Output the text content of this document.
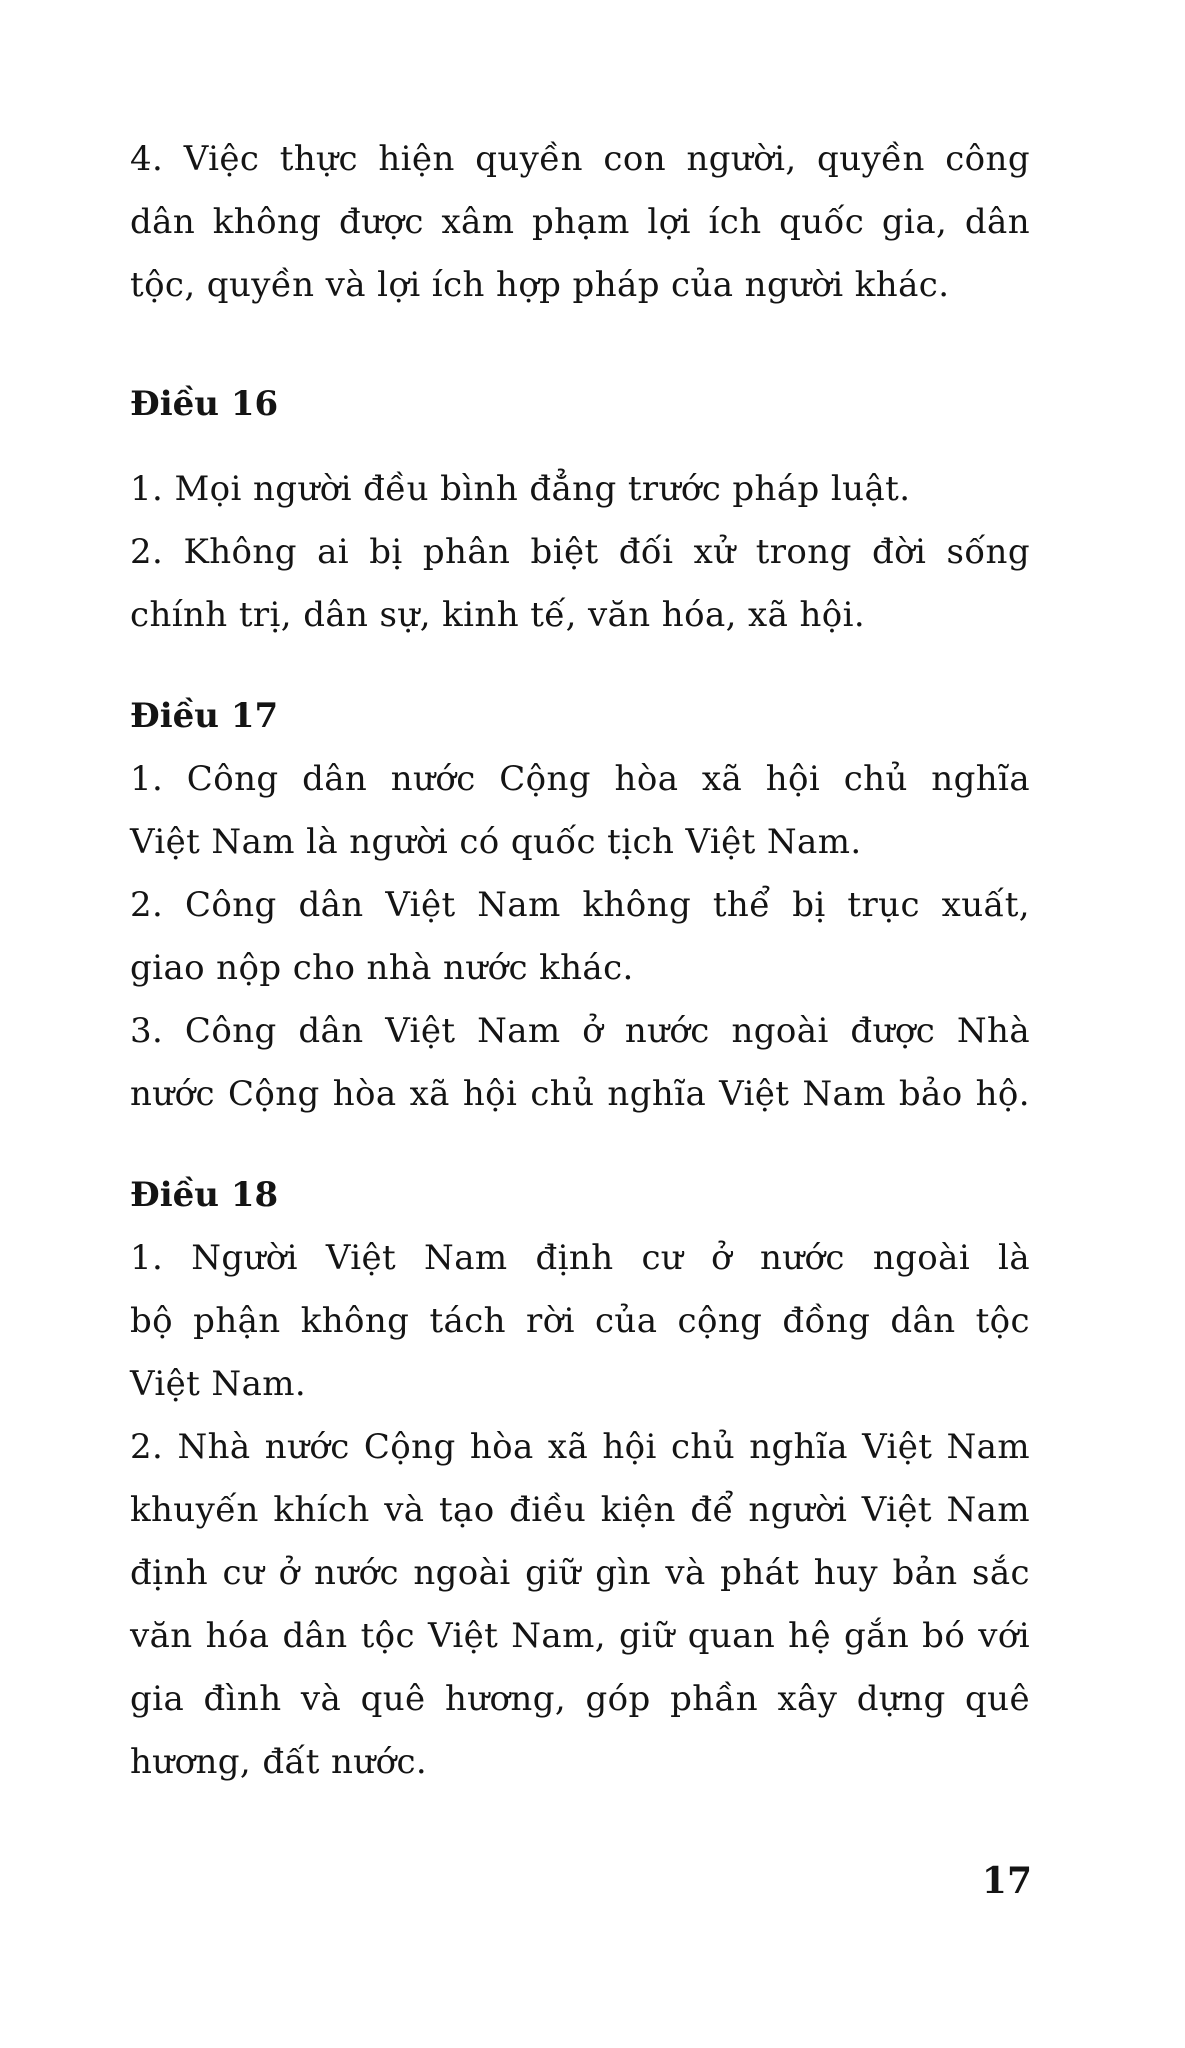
4. Việc thực hiện quyền con người, quyền công
dân không được xâm phạm lợi ích quốc gia, dân
tộc, quyền và lợi ích hợp pháp của người khác.
Điều 16
1. Mọi người đều bình đẳng trước pháp luật.
2. Không ai bị phân biệt đối xử trong đời sống
chính trị, dân sự, kinh tế, văn hóa, xã hội.
Điều 17
1. Công dân nước Cộng hòa xã hội chủ nghĩa
Việt Nam là người có quốc tịch Việt Nam.
2. Công dân Việt Nam không thể bị trục xuất,
giao nộp cho nhà nước khác.
3. Công dân Việt Nam ở nước ngoài được Nhà
nước Cộng hòa xã hội chủ nghĩa Việt Nam bảo hộ.
Điều 18
1. Người Việt Nam định cư ở nước ngoài là
bộ phận không tách rời của cộng đồng dân tộc
Việt Nam.
2. Nhà nước Cộng hòa xã hội chủ nghĩa Việt Nam
khuyến khích và tạo điều kiện để người Việt Nam
định cư ở nước ngoài giữ gìn và phát huy bản sắc
văn hóa dân tộc Việt Nam, giữ quan hệ gắn bó với
gia đình và quê hương, góp phần xây dựng quê
hương, đất nước.
17
